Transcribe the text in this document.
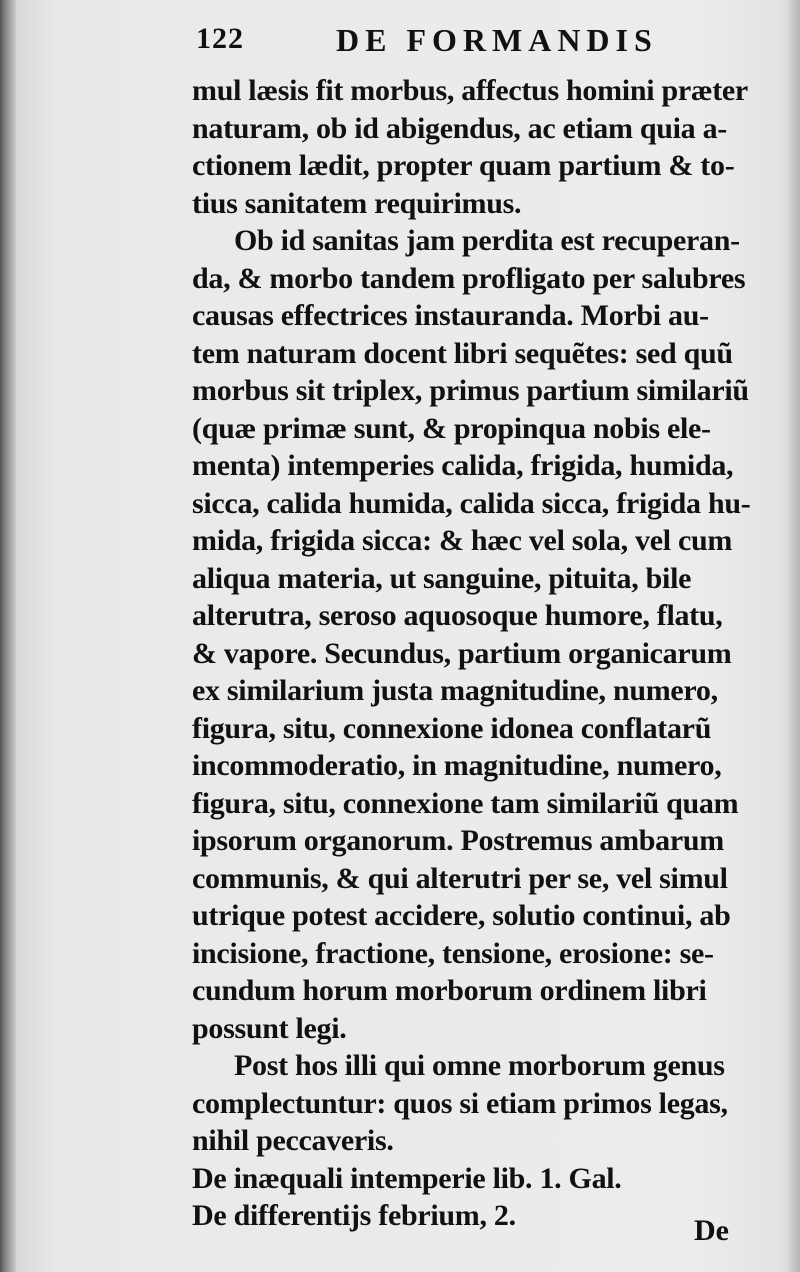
122	DE FORMANDIS
mul læsis fit morbus, affectus homini præter
naturam, ob id abigendus, ac etiam quia a-
ctionem lædit, propter quam partium & to-
tius sanitatem requirimus.
Ob id sanitas jam perdita est recuperan-
da, & morbo tandem profligato per salubres
causas effectrices instauranda. Morbi au-
tem naturam docent libri sequẽtes: sed quũ
morbus sit triplex, primus partium similariũ
(quæ primæ sunt, & propinqua nobis ele-
menta) intemperies calida, frigida, humida,
sicca, calida humida, calida sicca, frigida hu-
mida, frigida sicca: & hæc vel sola, vel cum
aliqua materia, ut sanguine, pituita, bile
alterutra, seroso aquosoque humore, flatu,
& vapore. Secundus, partium organicarum
ex similarium justa magnitudine, numero,
figura, situ, connexione idonea conflatarũ
incommoderatio, in magnitudine, numero,
figura, situ, connexione tam similariũ quam
ipsorum organorum. Postremus ambarum
communis, & qui alterutri per se, vel simul
utrique potest accidere, solutio continui, ab
incisione, fractione, tensione, erosione: se-
cundum horum morborum ordinem libri
possunt legi.
Post hos illi qui omne morborum genus
complectuntur: quos si etiam primos legas,
nihil peccaveris.
De inæquali intemperie lib. 1. Gal.
De differentijs febrium, 2.	De
